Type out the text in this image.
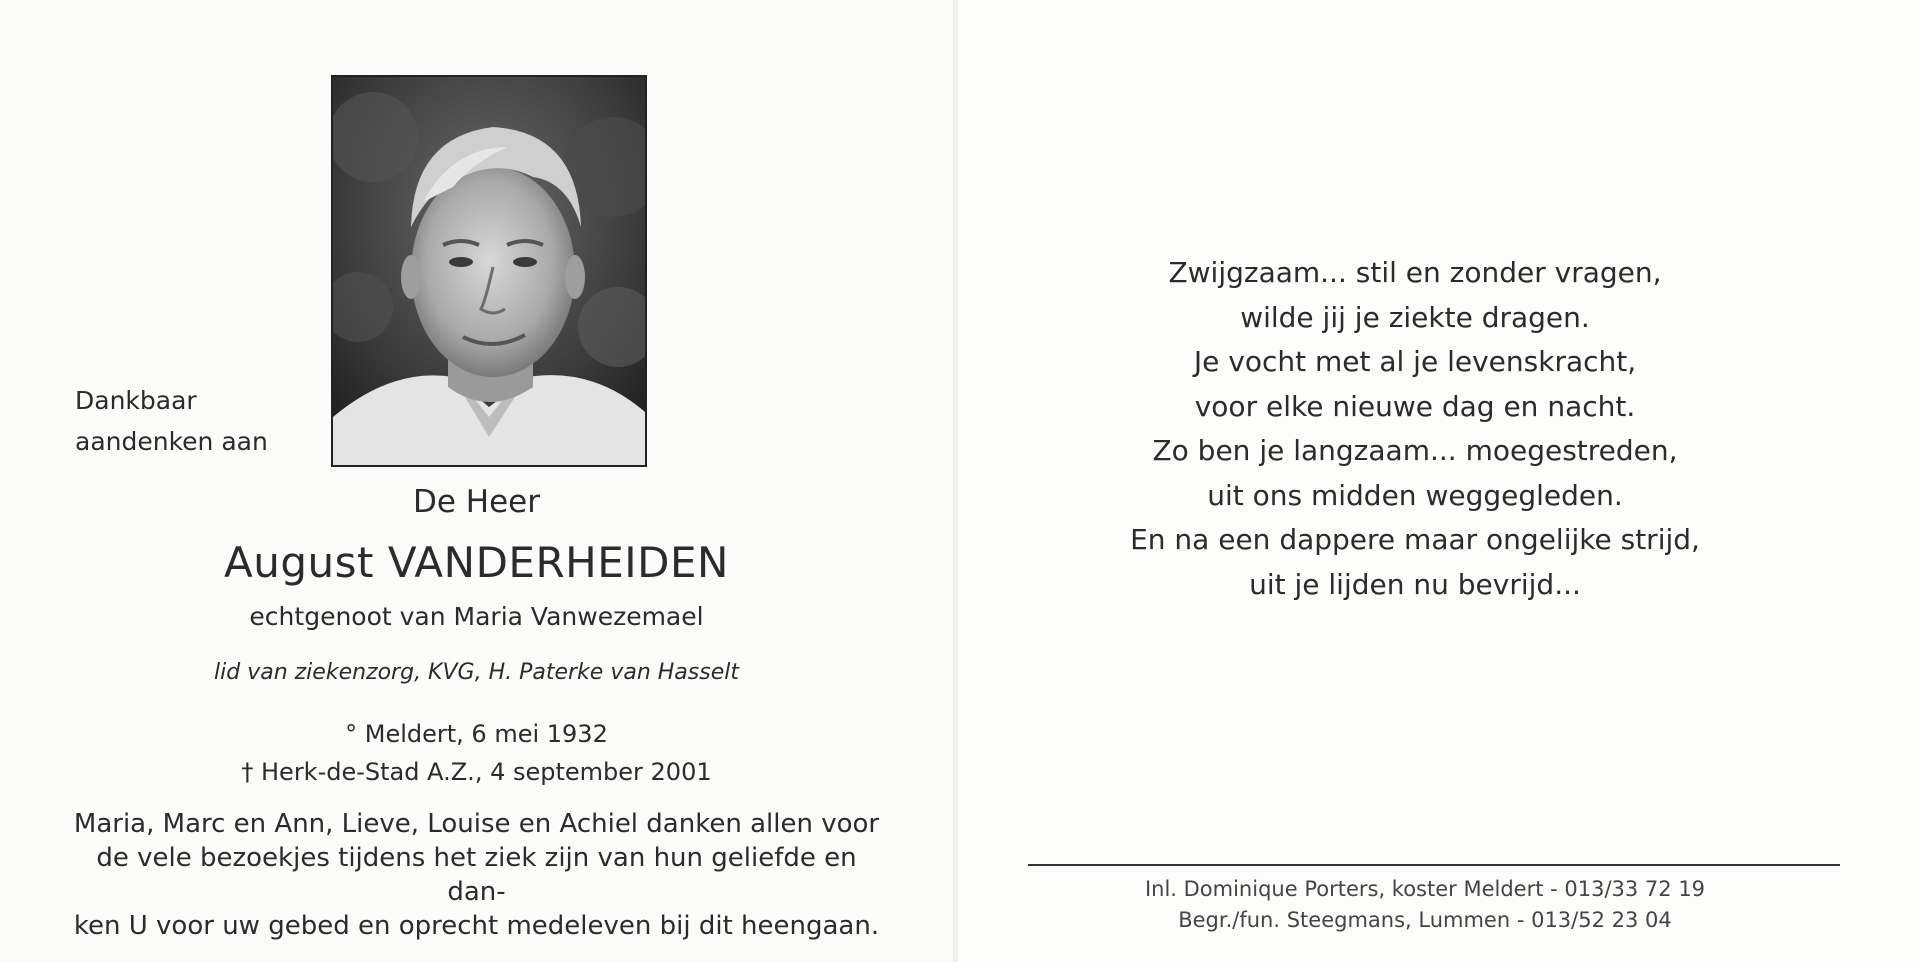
Dankbaar
aandenken aan
De Heer
August VANDERHEIDEN
echtgenoot van Maria Vanwezemael
lid van ziekenzorg, KVG, H. Paterke van Hasselt
° Meldert, 6 mei 1932
† Herk-de-Stad A.Z., 4 september 2001
Maria, Marc en Ann, Lieve, Louise en Achiel danken allen voor
de vele bezoekjes tijdens het ziek zijn van hun geliefde en dan-
ken U voor uw gebed en oprecht medeleven bij dit heengaan.
Zwijgzaam... stil en zonder vragen,
wilde jij je ziekte dragen.
Je vocht met al je levenskracht,
voor elke nieuwe dag en nacht.
Zo ben je langzaam... moegestreden,
uit ons midden weggegleden.
En na een dappere maar ongelijke strijd,
uit je lijden nu bevrijd...
Inl. Dominique Porters, koster Meldert - 013/33 72 19
Begr./fun. Steegmans, Lummen - 013/52 23 04
